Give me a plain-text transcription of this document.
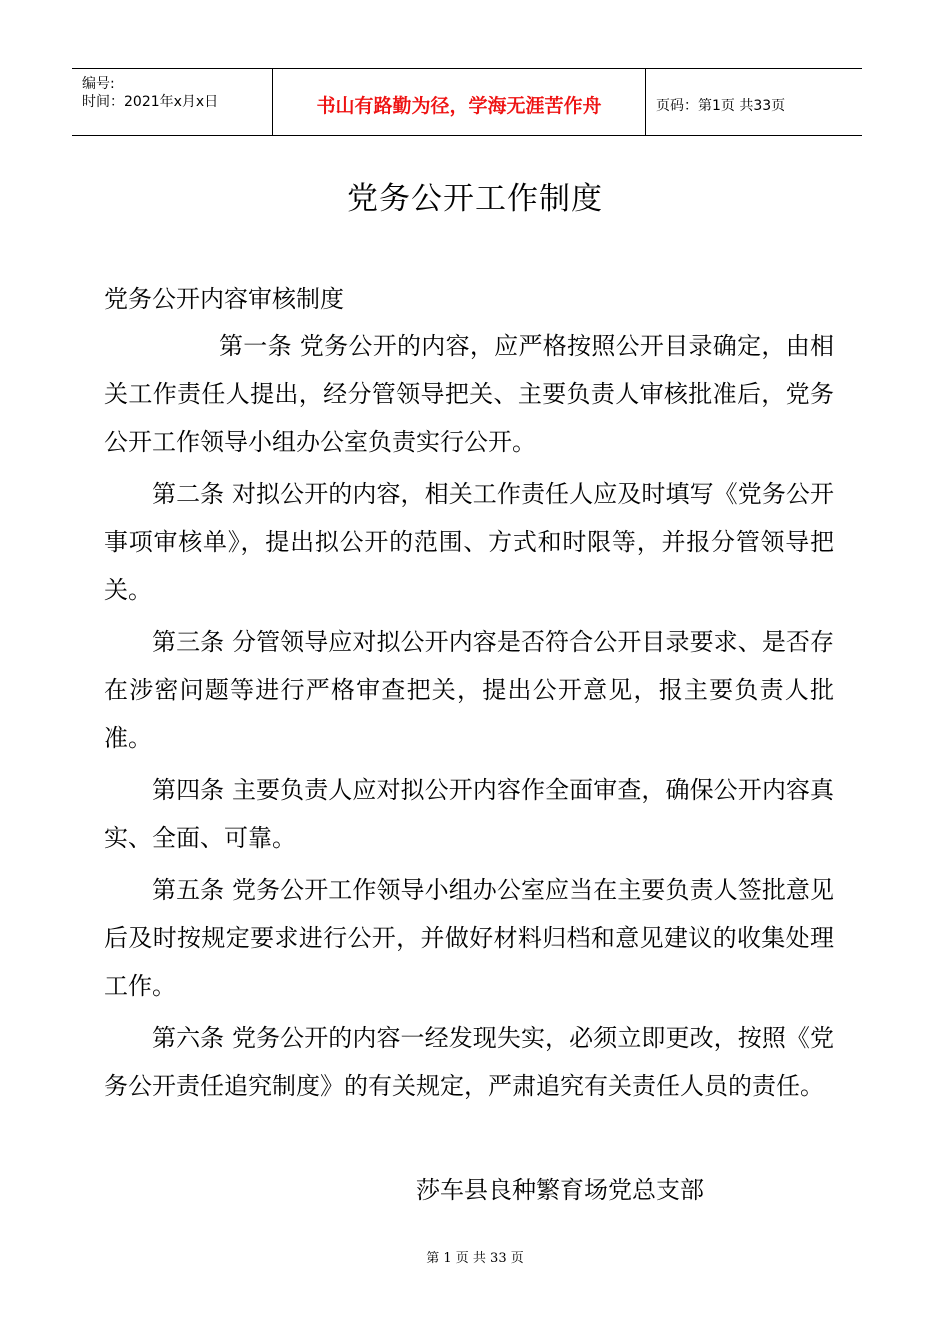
编号:
时间：2021年x月x日	书山有路勤为径，学海无涯苦作舟	页码：第1页 共33页
党务公开工作制度
党务公开内容审核制度

第一条 党务公开的内容，应严格按照公开目录确定，由相关工作责任人提出，经分管领导把关、主要负责人审核批准后，党务公开工作领导小组办公室负责实行公开。

第二条 对拟公开的内容，相关工作责任人应及时填写《党务公开事项审核单》，提出拟公开的范围、方式和时限等，并报分管领导把关。

第三条 分管领导应对拟公开内容是否符合公开目录要求、是否存在涉密问题等进行严格审查把关，提出公开意见，报主要负责人批准。

第四条 主要负责人应对拟公开内容作全面审查，确保公开内容真实、全面、可靠。

第五条 党务公开工作领导小组办公室应当在主要负责人签批意见后及时按规定要求进行公开，并做好材料归档和意见建议的收集处理工作。

第六条 党务公开的内容一经发现失实，必须立即更改，按照《党务公开责任追究制度》的有关规定，严肃追究有关责任人员的责任。

莎车县良种繁育场党总支部
第 1 页 共 33 页
